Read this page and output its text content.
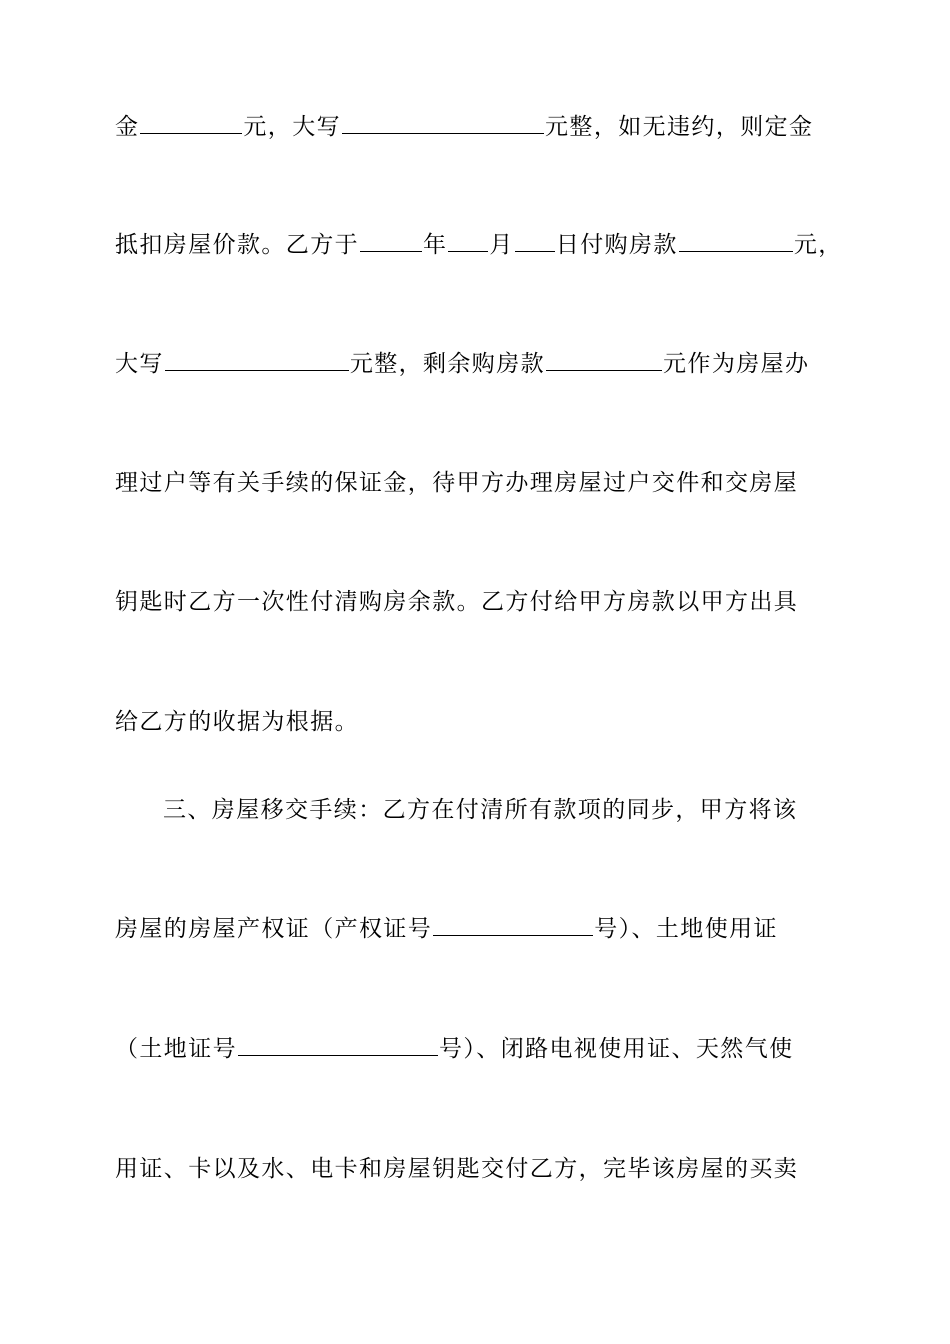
金	元，大写	元整，如无违约，则定金
抵扣房屋价款。乙方于	年 月 日付购房款	元，
大写	元整，剩余购房款	元作为房屋办
理过户等有关手续的保证金，待甲方办理房屋过户交件和交房屋
钥匙时乙方一次性付清购房余款。乙方付给甲方房款以甲方出具
给乙方的收据为根据。
三、房屋移交手续：乙方在付清所有款项的同步，甲方将该
房屋的房屋产权证（产权证号	号）、土地使用证
（土地证号	号）、闭路电视使用证、天然气使
用证、卡以及水、电卡和房屋钥匙交付乙方，完毕该房屋的买卖
